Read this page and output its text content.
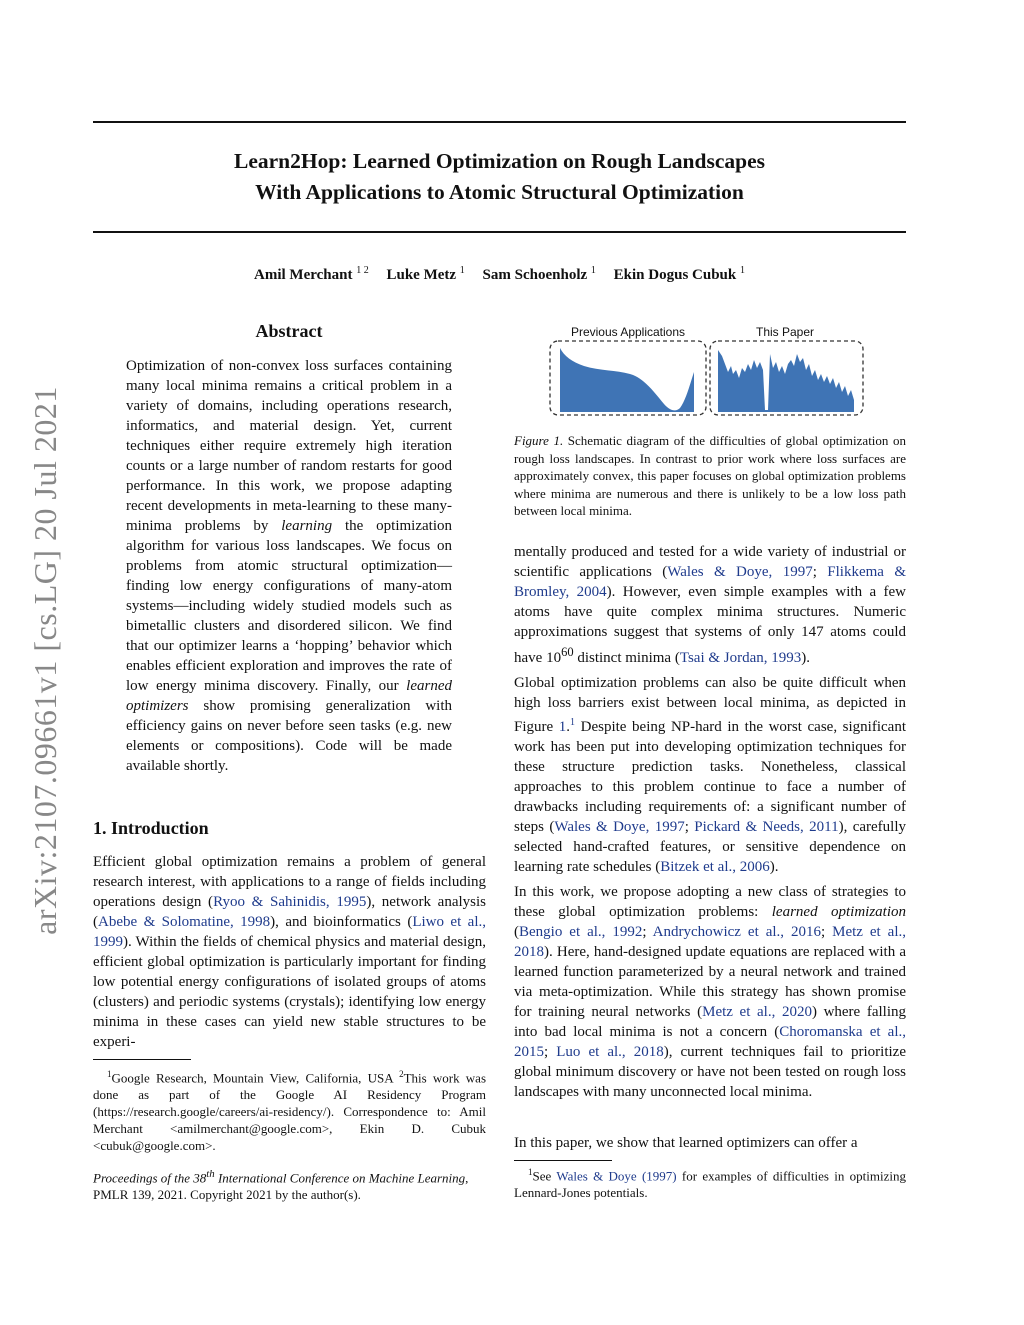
Learn2Hop: Learned Optimization on Rough Landscapes
With Applications to Atomic Structural Optimization
Amil Merchant $^{1 2}$ Luke Metz $^1$ Sam Schoenholz $^1$ Ekin Dogus Cubuk $^1$
arXiv:2107.09661v1 [cs.LG] 20 Jul 2021
Abstract
Optimization of non-convex loss surfaces containing many local minima remains a critical problem in a variety of domains, including operations research, informatics, and material design. Yet, current techniques either require extremely high iteration counts or a large number of random restarts for good performance. In this work, we propose adapting recent developments in meta-learning to these many-minima problems by learning the optimization algorithm for various loss landscapes. We focus on problems from atomic structural optimization—finding low energy configurations of many-atom systems—including widely studied models such as bimetallic clusters and disordered silicon. We find that our optimizer learns a ‘hopping’ behavior which enables efficient exploration and improves the rate of low energy minima discovery. Finally, our learned optimizers show promising generalization with efficiency gains on never before seen tasks (e.g. new elements or compositions). Code will be made available shortly.
1. Introduction
Efficient global optimization remains a problem of general research interest, with applications to a range of fields including operations design (Ryoo & Sahinidis, 1995), network analysis (Abebe & Solomatine, 1998), and bioinformatics (Liwo et al., 1999). Within the fields of chemical physics and material design, efficient global optimization is particularly important for finding low potential energy configurations of isolated groups of atoms (clusters) and periodic systems (crystals); identifying low energy minima in these cases can yield new stable structures to be experi-
$^1$Google Research, Mountain View, California, USA $^2$This work was done as part of the Google AI Residency Program (https://research.google/careers/ai-residency/). Correspondence to: Amil Merchant <amilmerchant@google.com>, Ekin D. Cubuk <cubuk@google.com>.
Proceedings of the 38th International Conference on Machine Learning, PMLR 139, 2021. Copyright 2021 by the author(s).
Previous Applications	This Paper
Figure 1. Schematic diagram of the difficulties of global optimization on rough loss landscapes. In contrast to prior work where loss surfaces are approximately convex, this paper focuses on global optimization problems where minima are numerous and there is unlikely to be a low loss path between local minima.
mentally produced and tested for a wide variety of industrial or scientific applications (Wales & Doye, 1997; Flikkema & Bromley, 2004). However, even simple examples with a few atoms have quite complex minima structures. Numeric approximations suggest that systems of only 147 atoms could have $10^{60}$ distinct minima (Tsai & Jordan, 1993).
Global optimization problems can also be quite difficult when high loss barriers exist between local minima, as depicted in Figure 1.$^1$ Despite being NP-hard in the worst case, significant work has been put into developing optimization techniques for these structure prediction tasks. Nonetheless, classical approaches to this problem continue to face a number of drawbacks including requirements of: a significant number of steps (Wales & Doye, 1997; Pickard & Needs, 2011), carefully selected hand-crafted features, or sensitive dependence on learning rate schedules (Bitzek et al., 2006).
In this work, we propose adopting a new class of strategies to these global optimization problems: learned optimization (Bengio et al., 1992; Andrychowicz et al., 2016; Metz et al., 2018). Here, hand-designed update equations are replaced with a learned function parameterized by a neural network and trained via meta-optimization. While this strategy has shown promise for training neural networks (Metz et al., 2020) where falling into bad local minima is not a concern (Choromanska et al., 2015; Luo et al., 2018), current techniques fail to prioritize global minimum discovery or have not been tested on rough loss landscapes with many unconnected local minima.
In this paper, we show that learned optimizers can offer a
$^1$See Wales & Doye (1997) for examples of difficulties in optimizing Lennard-Jones potentials.
